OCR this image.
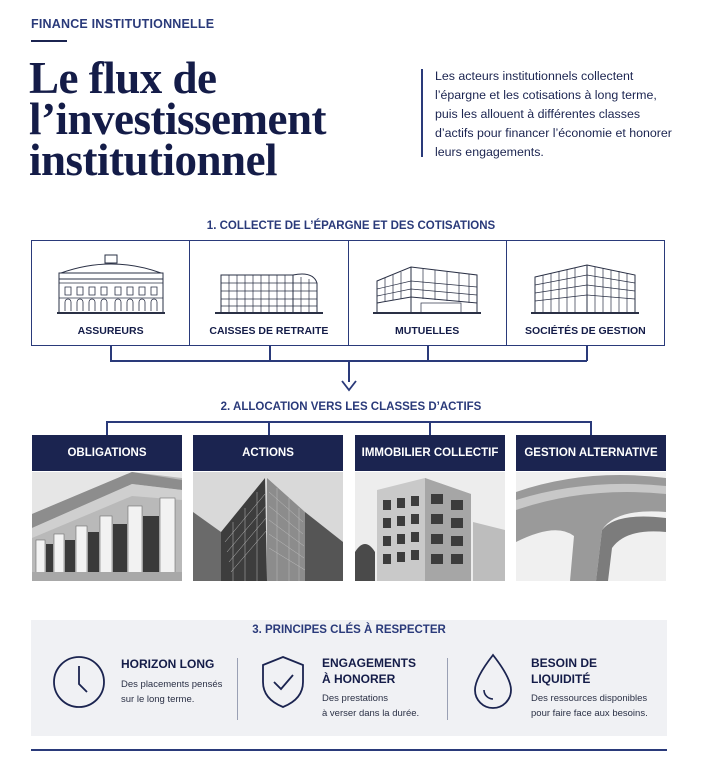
FINANCE INSTITUTIONNELLE
Le flux de
l’investissement
institutionnel
Les acteurs institutionnels collectent l’épargne et les cotisations à long terme, puis les allouent à différentes classes d’actifs pour financer l’économie et honorer leurs engagements.
1. COLLECTE DE L’ÉPARGNE ET DES COTISATIONS
ASSUREURS	CAISSES DE RETRAITE	MUTUELLES	SOCIÉTÉS DE GESTION
2. ALLOCATION VERS LES CLASSES D’ACTIFS
OBLIGATIONS	ACTIONS	IMMOBILIER COLLECTIF	GESTION ALTERNATIVE
3. PRINCIPES CLÉS À RESPECTER
HORIZON LONG
Des placements pensés
sur le long terme.
ENGAGEMENTS
À HONORER
Des prestations
à verser dans la durée.
BESOIN DE
LIQUIDITÉ
Des ressources disponibles
pour faire face aux besoins.
